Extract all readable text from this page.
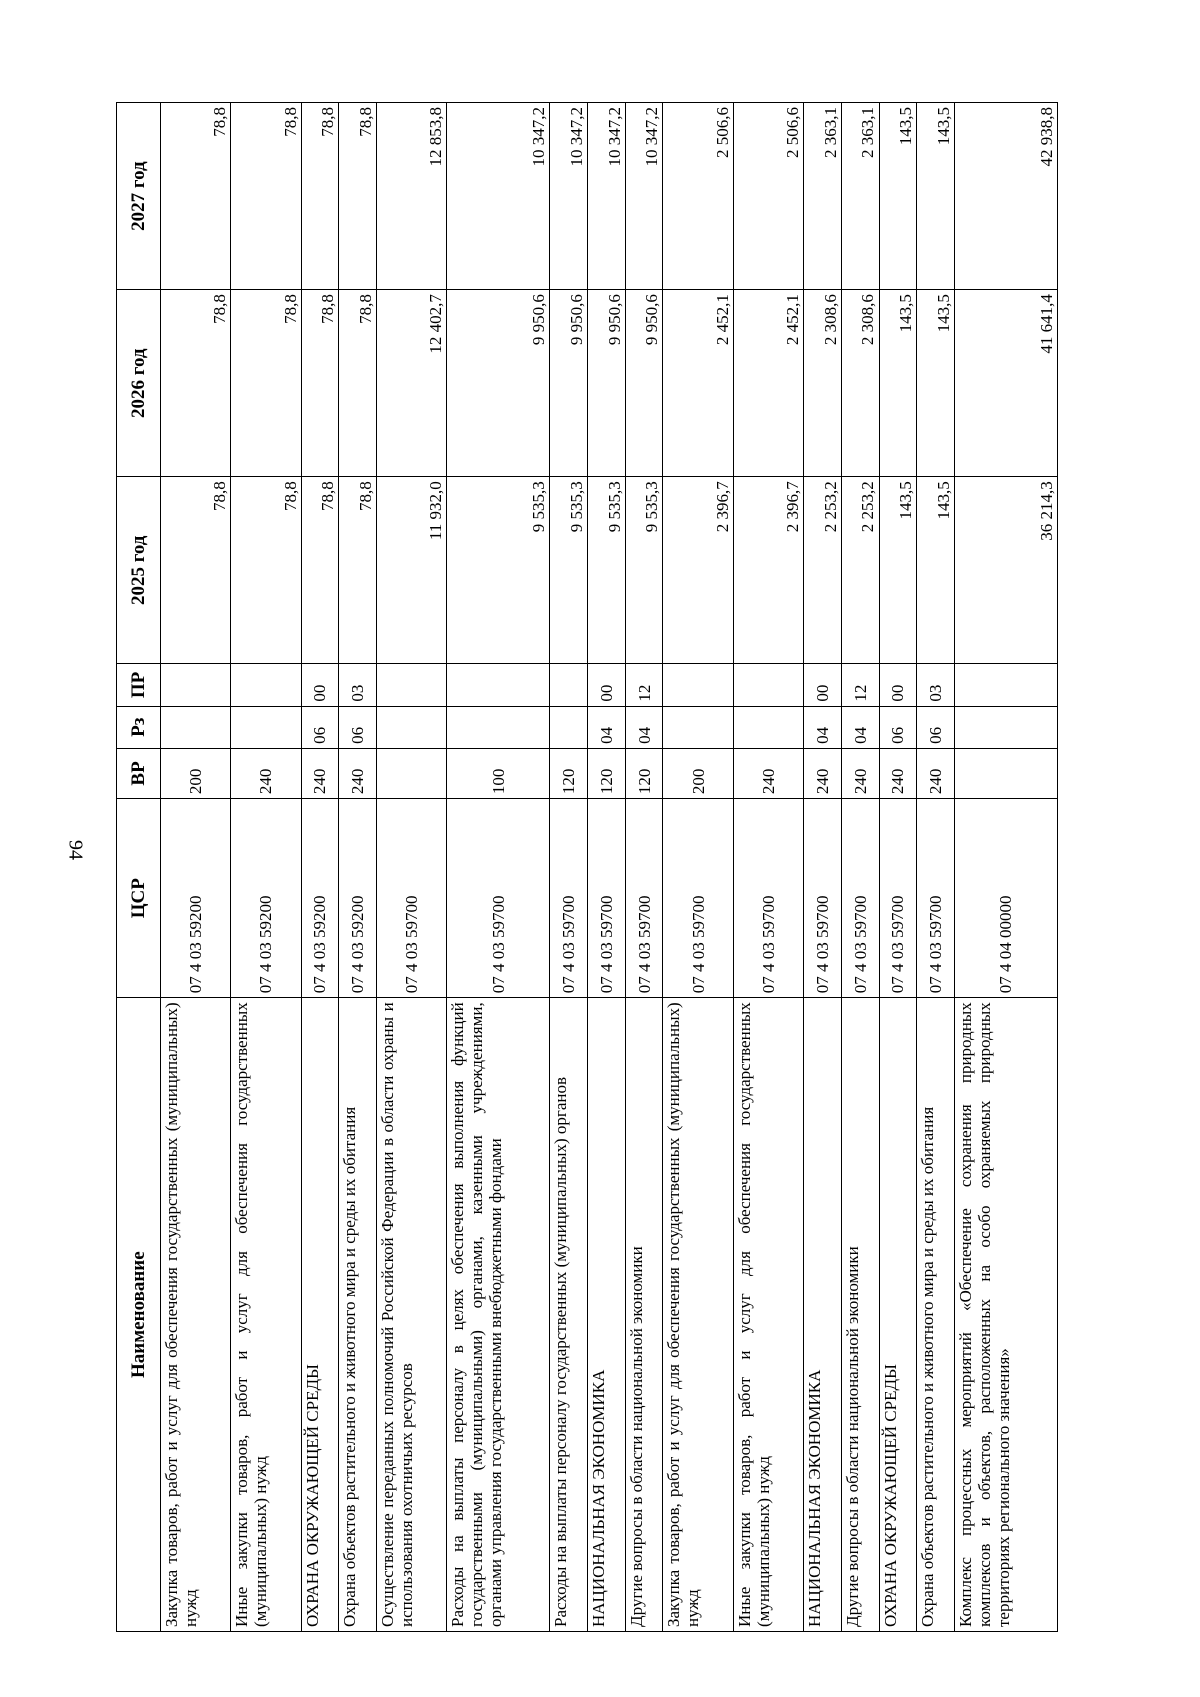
94
Наименование	ЦСР	ВР	Рз	ПР	2025 год	2026 год	2027 год
Закупка товаров, работ и услуг для обеспечения государственных (муниципальных) нужд	07 4 03 59200	200			78,8	78,8	78,8
Иные закупки товаров, работ и услуг для обеспечения государственных (муниципальных) нужд	07 4 03 59200	240			78,8	78,8	78,8
ОХРАНА ОКРУЖАЮЩЕЙ СРЕДЫ	07 4 03 59200	240	06	00	78,8	78,8	78,8
Охрана объектов растительного и животного мира и среды их обитания	07 4 03 59200	240	06	03	78,8	78,8	78,8
Осуществление переданных полномочий Российской Федерации в области охраны и использования охотничьих ресурсов	07 4 03 59700				11 932,0	12 402,7	12 853,8
Расходы на выплаты персоналу в целях обеспечения выполнения функций государственными (муниципальными) органами, казенными учреждениями, органами управления государственными внебюджетными фондами	07 4 03 59700	100			9 535,3	9 950,6	10 347,2
Расходы на выплаты персоналу государственных (муниципальных) органов	07 4 03 59700	120			9 535,3	9 950,6	10 347,2
НАЦИОНАЛЬНАЯ ЭКОНОМИКА	07 4 03 59700	120	04	00	9 535,3	9 950,6	10 347,2
Другие вопросы в области национальной экономики	07 4 03 59700	120	04	12	9 535,3	9 950,6	10 347,2
Закупка товаров, работ и услуг для обеспечения государственных (муниципальных) нужд	07 4 03 59700	200			2 396,7	2 452,1	2 506,6
Иные закупки товаров, работ и услуг для обеспечения государственных (муниципальных) нужд	07 4 03 59700	240			2 396,7	2 452,1	2 506,6
НАЦИОНАЛЬНАЯ ЭКОНОМИКА	07 4 03 59700	240	04	00	2 253,2	2 308,6	2 363,1
Другие вопросы в области национальной экономики	07 4 03 59700	240	04	12	2 253,2	2 308,6	2 363,1
ОХРАНА ОКРУЖАЮЩЕЙ СРЕДЫ	07 4 03 59700	240	06	00	143,5	143,5	143,5
Охрана объектов растительного и животного мира и среды их обитания	07 4 03 59700	240	06	03	143,5	143,5	143,5
Комплекс процессных мероприятий «Обеспечение сохранения природных комплексов и объектов, расположенных на особо охраняемых природных территориях регионального значения»	07 4 04 00000				36 214,3	41 641,4	42 938,8
